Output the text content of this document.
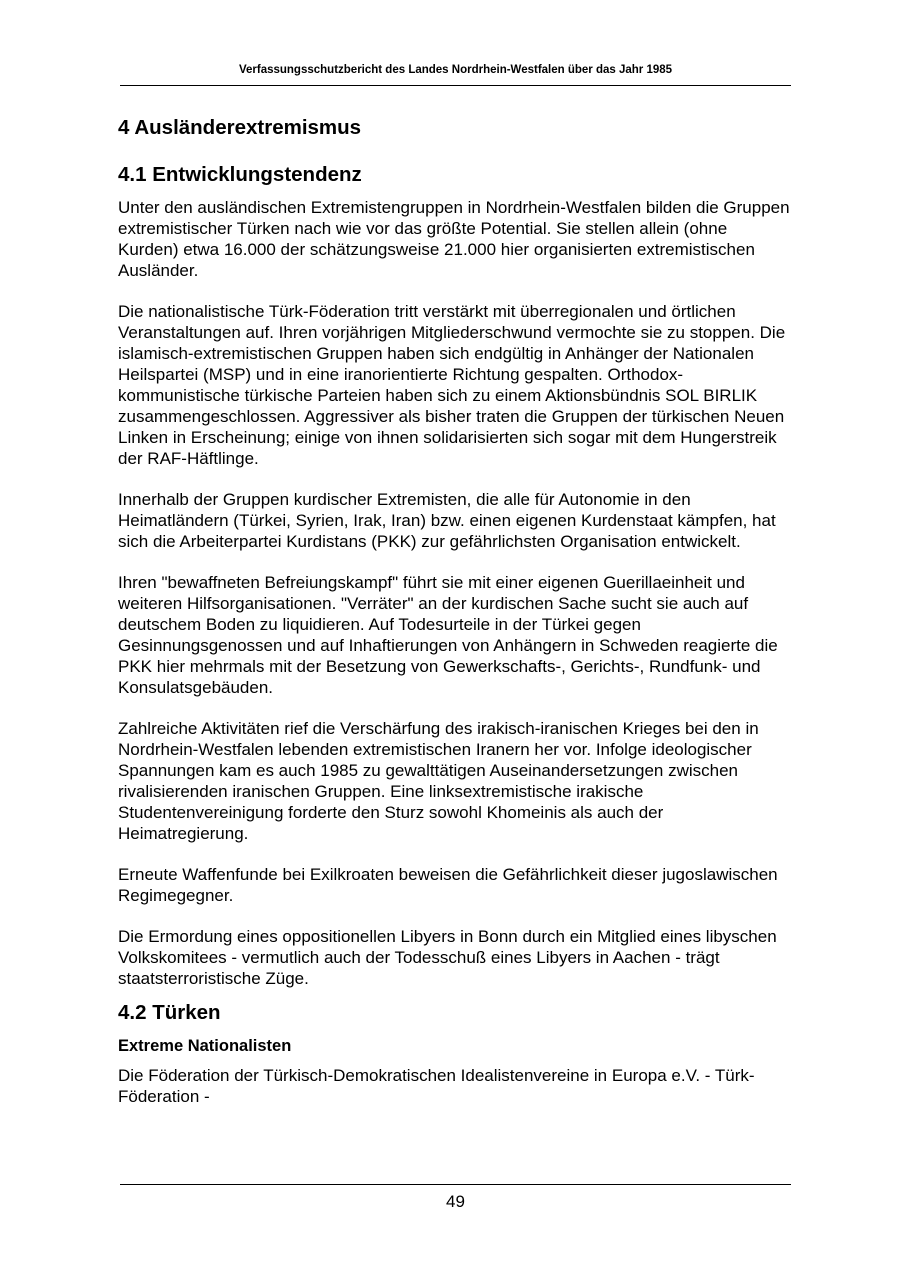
Verfassungsschutzbericht des Landes Nordrhein-Westfalen über das Jahr 1985
4 Ausländerextremismus
4.1 Entwicklungstendenz

Unter den ausländischen Extremistengruppen in Nordrhein-Westfalen bilden die Gruppen extremistischer Türken nach wie vor das größte Potential. Sie stellen allein (ohne Kurden) etwa 16.000 der schätzungsweise 21.000 hier organisierten extremistischen Ausländer.

Die nationalistische Türk-Föderation tritt verstärkt mit überregionalen und örtlichen Veranstaltungen auf. Ihren vorjährigen Mitgliederschwund vermochte sie zu stoppen. Die islamisch-extremistischen Gruppen haben sich endgültig in Anhänger der Nationalen Heilspartei (MSP) und in eine iranorientierte Richtung gespalten. Orthodox-kommunistische türkische Parteien haben sich zu einem Aktionsbündnis SOL BIRLIK zusammengeschlossen. Aggressiver als bisher traten die Gruppen der türkischen Neuen Linken in Erscheinung; einige von ihnen solidarisierten sich sogar mit dem Hungerstreik der RAF-Häftlinge.

Innerhalb der Gruppen kurdischer Extremisten, die alle für Autonomie in den Heimatländern (Türkei, Syrien, Irak, Iran) bzw. einen eigenen Kurdenstaat kämpfen, hat sich die Arbeiterpartei Kurdistans (PKK) zur gefährlichsten Organisation entwickelt.

Ihren "bewaffneten Befreiungskampf" führt sie mit einer eigenen Guerillaeinheit und weiteren Hilfsorganisationen. "Verräter" an der kurdischen Sache sucht sie auch auf deutschem Boden zu liquidieren. Auf Todesurteile in der Türkei gegen Gesinnungsgenossen und auf Inhaftierungen von Anhängern in Schweden reagierte die PKK hier mehrmals mit der Besetzung von Gewerkschafts-, Gerichts-, Rundfunk- und Konsulatsgebäuden.

Zahlreiche Aktivitäten rief die Verschärfung des irakisch-iranischen Krieges bei den in Nordrhein-Westfalen lebenden extremistischen Iranern her vor. Infolge ideologischer Spannungen kam es auch 1985 zu gewalttätigen Auseinandersetzungen zwischen rivalisierenden iranischen Gruppen. Eine linksextremistische irakische Studentenvereinigung forderte den Sturz sowohl Khomeinis als auch der Heimatregierung.

Erneute Waffenfunde bei Exilkroaten beweisen die Gefährlichkeit dieser jugoslawischen Regimegegner.

Die Ermordung eines oppositionellen Libyers in Bonn durch ein Mitglied eines libyschen Volkskomitees - vermutlich auch der Todesschuß eines Libyers in Aachen - trägt staatsterroristische Züge.

4.2 Türken
Extreme Nationalisten

Die Föderation der Türkisch-Demokratischen Idealistenvereine in Europa e.V. - Türk-Föderation -

49
